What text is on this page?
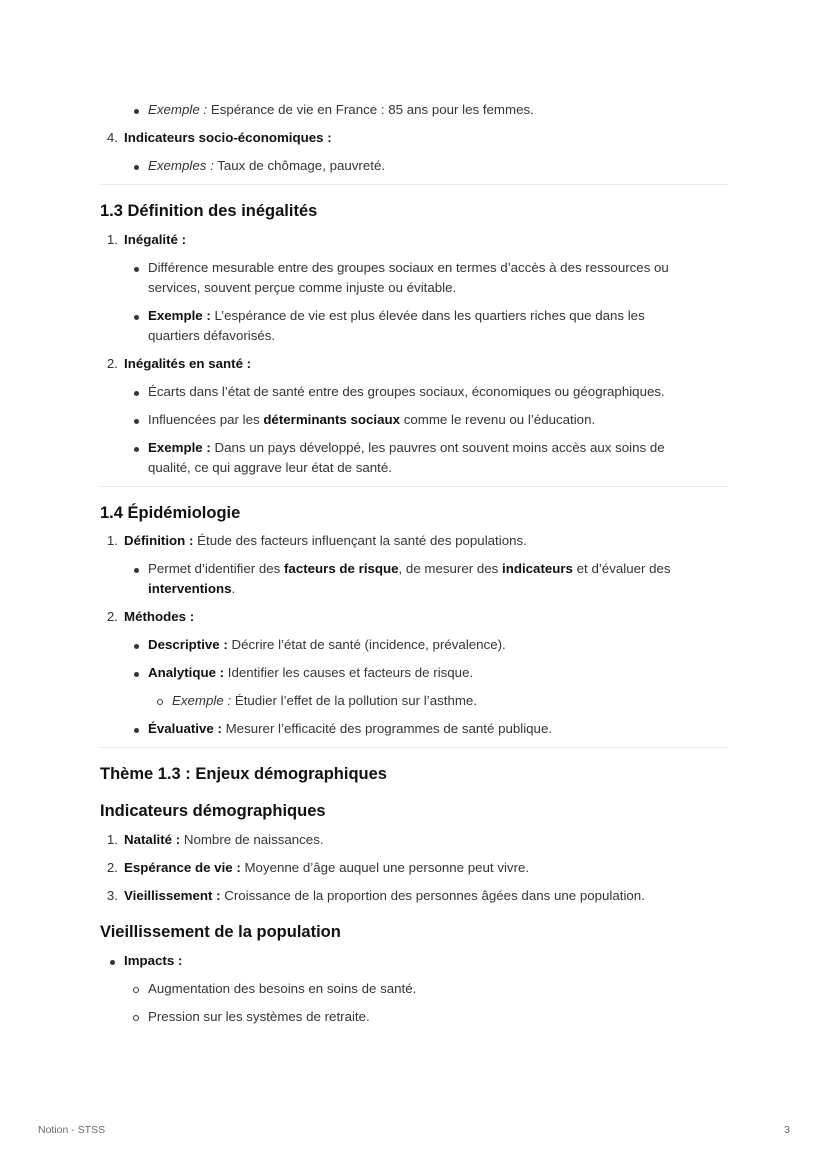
Exemple : Espérance de vie en France : 85 ans pour les femmes.
4. Indicateurs socio-économiques :
Exemples : Taux de chômage, pauvreté.
1.3 Définition des inégalités
1. Inégalité :
Différence mesurable entre des groupes sociaux en termes d’accès à des ressources ou
services, souvent perçue comme injuste ou évitable.
Exemple : L’espérance de vie est plus élevée dans les quartiers riches que dans les
quartiers défavorisés.
2. Inégalités en santé :
Écarts dans l’état de santé entre des groupes sociaux, économiques ou géographiques.
Influencées par les déterminants sociaux comme le revenu ou l’éducation.
Exemple : Dans un pays développé, les pauvres ont souvent moins accès aux soins de
qualité, ce qui aggrave leur état de santé.
1.4 Épidémiologie
1. Définition : Étude des facteurs influençant la santé des populations.
Permet d’identifier des facteurs de risque, de mesurer des indicateurs et d’évaluer des
interventions.
2. Méthodes :
Descriptive : Décrire l’état de santé (incidence, prévalence).
Analytique : Identifier les causes et facteurs de risque.
Exemple : Étudier l’effet de la pollution sur l’asthme.
Évaluative : Mesurer l’efficacité des programmes de santé publique.
Thème 1.3 : Enjeux démographiques
Indicateurs démographiques
1. Natalité : Nombre de naissances.
2. Espérance de vie : Moyenne d’âge auquel une personne peut vivre.
3. Vieillissement : Croissance de la proportion des personnes âgées dans une population.
Vieillissement de la population
Impacts :
Augmentation des besoins en soins de santé.
Pression sur les systèmes de retraite.
Notion - STSS	3
